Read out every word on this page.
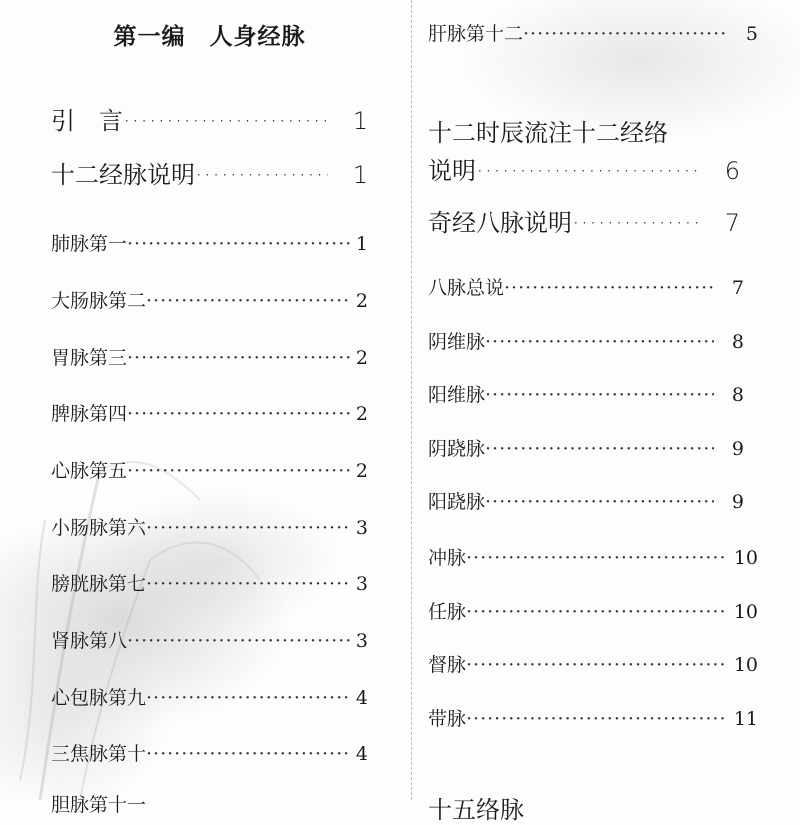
第一编　人身经脉
引　言 ·····	1
十二经脉说明 ·····	1
肺脉第一 ·····	1
大肠脉第二 ·····	2
胃脉第三 ·····	2
脾脉第四 ·····	2
心脉第五 ·····	2
小肠脉第六 ·····	3
膀胱脉第七 ·····	3
肾脉第八 ·····	3
心包脉第九 ·····	4
三焦脉第十 ·····	4
胆脉第十一
肝脉第十二 ·····	5
十二时辰流注十二经络
说明 ·····	6
奇经八脉说明 ·····	7
八脉总说 ·····	7
阴维脉 ·····	8
阳维脉 ·····	8
阴跷脉 ·····	9
阳跷脉 ·····	9
冲脉 ·····	10
任脉 ·····	10
督脉 ·····	10
带脉 ·····	11
十五络脉
